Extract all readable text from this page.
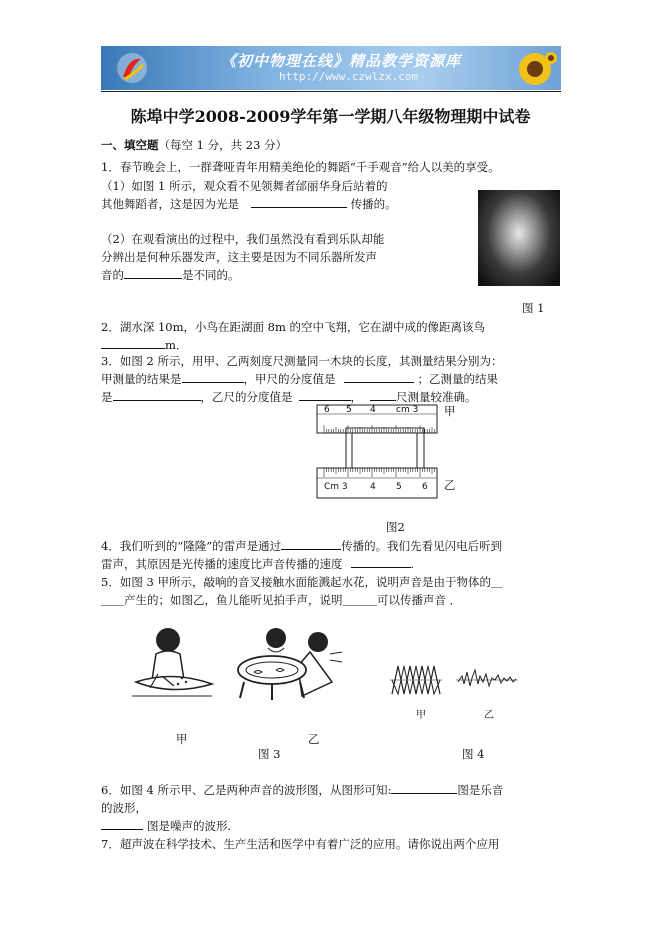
《初中物理在线》精品教学资源库
http://www.czwlzx.com
陈埠中学2008-2009学年第一学期八年级物理期中试卷
一、填空题（每空 1 分，共 23 分）
1．春节晚会上，一群聋哑青年用精美绝伦的舞蹈“千手观音”给人以美的享受。
（1）如图 1 所示，观众看不见领舞者邰丽华身后站着的
其他舞蹈者，这是因为光是	传播的。
（2）在观看演出的过程中，我们虽然没有看到乐队却能
分辨出是何种乐器发声，这主要是因为不同乐器所发声
音的	是不同的。
图 1
2．湖水深 10m，小鸟在距湖面 8m 的空中飞翔，它在湖中成的像距离该鸟
m．
3．如图 2 所示，用甲、乙两刻度尺测量同一木块的长度，其测量结果分别为：
甲测量的结果是	，甲尺的分度值是	；乙测量的结果
是	，乙尺的分度值是	，	尺测量较准确。
6 5 4 cm 3 甲
Cm 3 4 5 6 乙
图2
4．我们听到的“隆隆”的雷声是通过	传播的。我们先看见闪电后听到
雷声，其原因是光传播的速度比声音传播的速度	.
5．如图 3 甲所示，敲响的音叉接触水面能溅起水花，说明声音是由于物体的＿
＿＿产生的；如图乙，鱼儿能听见拍手声，说明＿＿＿可以传播声音 ．
甲	乙
图 3
甲	乙
图 4
6．如图 4 所示甲、乙是两种声音的波形图，从图形可知:	图是乐音
的波形，
图是噪声的波形.
7．超声波在科学技术、生产生活和医学中有着广泛的应用。请你说出两个应用
